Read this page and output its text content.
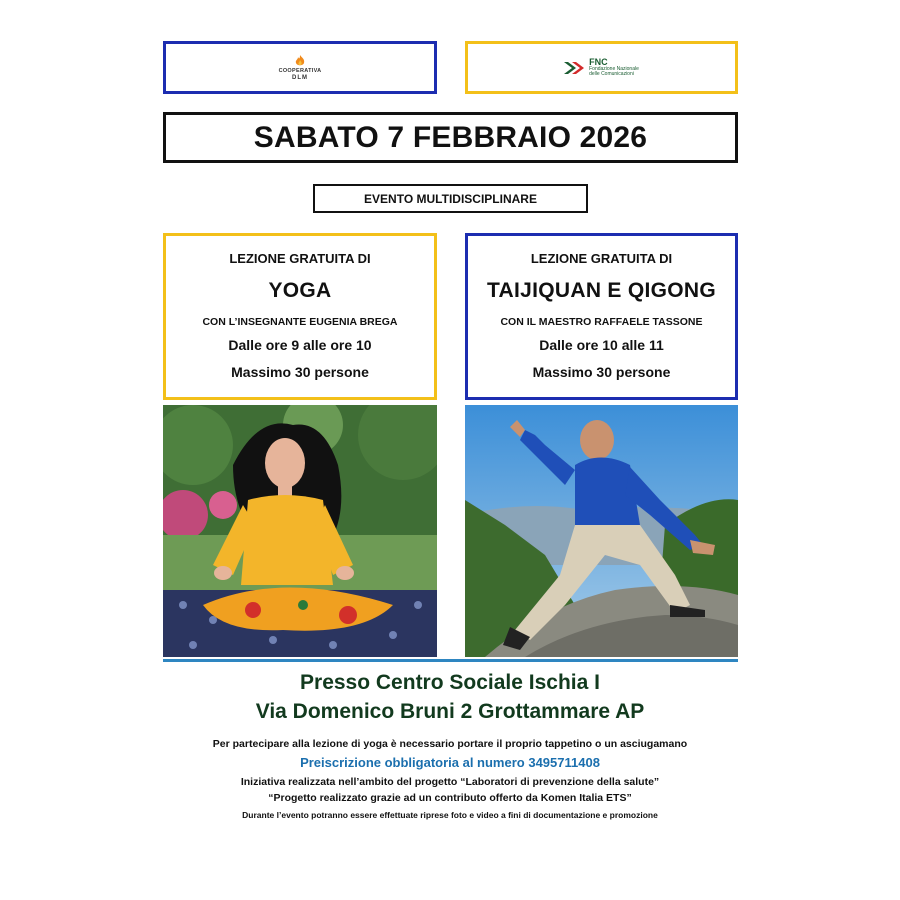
COOPERATIVA
DLM
FNC
Fondazione Nazionale
delle Comunicazioni
SABATO 7 FEBBRAIO 2026
EVENTO MULTIDISCIPLINARE
LEZIONE GRATUITA DI
YOGA
CON L’INSEGNANTE EUGENIA BREGA
Dalle ore 9 alle ore 10
Massimo 30 persone
LEZIONE GRATUITA DI
TAIJIQUAN E QIGONG
CON IL MAESTRO RAFFAELE TASSONE
Dalle ore 10 alle 11
Massimo 30 persone
Presso Centro Sociale Ischia I
Via Domenico Bruni 2 Grottammare AP
Per partecipare alla lezione di yoga è necessario portare il proprio tappetino o un asciugamano
Preiscrizione obbligatoria al numero 3495711408
Iniziativa realizzata nell’ambito del progetto “Laboratori di prevenzione della salute”
“Progetto realizzato grazie ad un contributo offerto da Komen Italia ETS”
Durante l’evento potranno essere effettuate riprese foto e video a fini di documentazione e promozione
